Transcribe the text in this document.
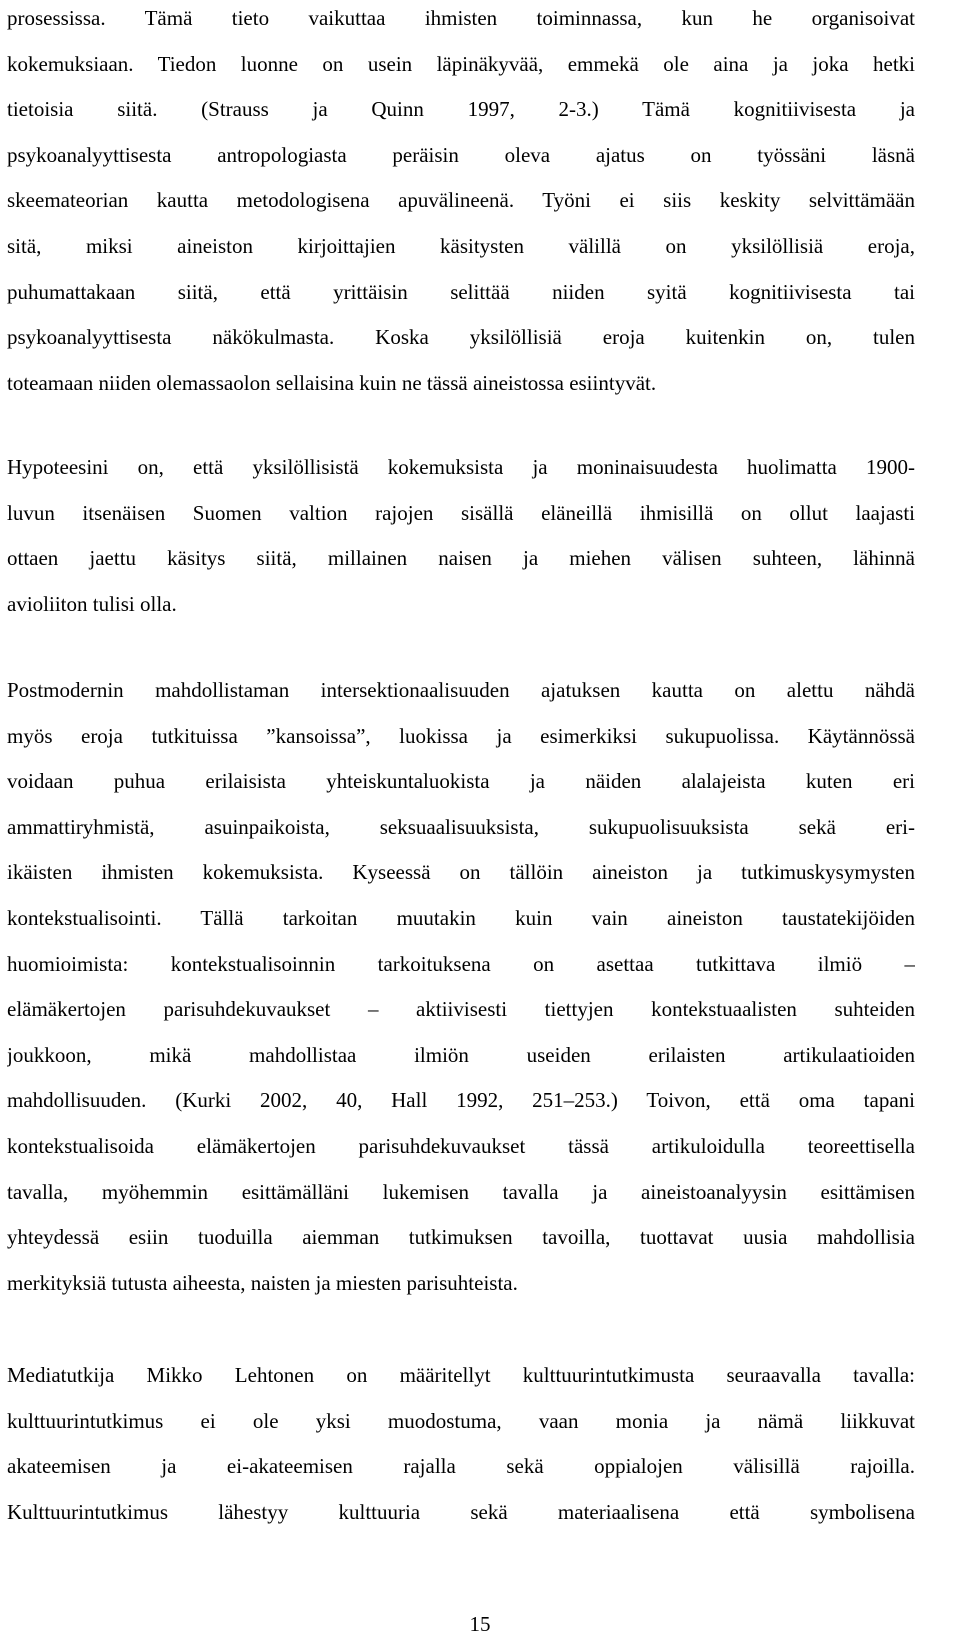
prosessissa. Tämä tieto vaikuttaa ihmisten toiminnassa, kun he organisoivat
kokemuksiaan. Tiedon luonne on usein läpinäkyvää, emmekä ole aina ja joka hetki
tietoisia siitä. (Strauss ja Quinn 1997, 2-3.) Tämä kognitiivisesta ja
psykoanalyyttisesta antropologiasta peräisin oleva ajatus on työssäni läsnä
skeemateorian kautta metodologisena apuvälineenä. Työni ei siis keskity selvittämään
sitä, miksi aineiston kirjoittajien käsitysten välillä on yksilöllisiä eroja,
puhumattakaan siitä, että yrittäisin selittää niiden syitä kognitiivisesta tai
psykoanalyyttisesta näkökulmasta. Koska yksilöllisiä eroja kuitenkin on, tulen
toteamaan niiden olemassaolon sellaisina kuin ne tässä aineistossa esiintyvät.
Hypoteesini on, että yksilöllisistä kokemuksista ja moninaisuudesta huolimatta 1900-
luvun itsenäisen Suomen valtion rajojen sisällä eläneillä ihmisillä on ollut laajasti
ottaen jaettu käsitys siitä, millainen naisen ja miehen välisen suhteen, lähinnä
avioliiton tulisi olla.
Postmodernin mahdollistaman intersektionaalisuuden ajatuksen kautta on alettu nähdä
myös eroja tutkituissa ”kansoissa”, luokissa ja esimerkiksi sukupuolissa. Käytännössä
voidaan puhua erilaisista yhteiskuntaluokista ja näiden alalajeista kuten eri
ammattiryhmistä, asuinpaikoista, seksuaalisuuksista, sukupuolisuuksista sekä eri-
ikäisten ihmisten kokemuksista. Kyseessä on tällöin aineiston ja tutkimuskysymysten
kontekstualisointi. Tällä tarkoitan muutakin kuin vain aineiston taustatekijöiden
huomioimista: kontekstualisoinnin tarkoituksena on asettaa tutkittava ilmiö –
elämäkertojen parisuhdekuvaukset – aktiivisesti tiettyjen kontekstuaalisten suhteiden
joukkoon, mikä mahdollistaa ilmiön useiden erilaisten artikulaatioiden
mahdollisuuden. (Kurki 2002, 40, Hall 1992, 251–253.) Toivon, että oma tapani
kontekstualisoida elämäkertojen parisuhdekuvaukset tässä artikuloidulla teoreettisella
tavalla, myöhemmin esittämälläni lukemisen tavalla ja aineistoanalyysin esittämisen
yhteydessä esiin tuoduilla aiemman tutkimuksen tavoilla, tuottavat uusia mahdollisia
merkityksiä tutusta aiheesta, naisten ja miesten parisuhteista.
Mediatutkija Mikko Lehtonen on määritellyt kulttuurintutkimusta seuraavalla tavalla:
kulttuurintutkimus ei ole yksi muodostuma, vaan monia ja nämä liikkuvat
akateemisen ja ei-akateemisen rajalla sekä oppialojen välisillä rajoilla.
Kulttuurintutkimus lähestyy kulttuuria sekä materiaalisena että symbolisena
15
